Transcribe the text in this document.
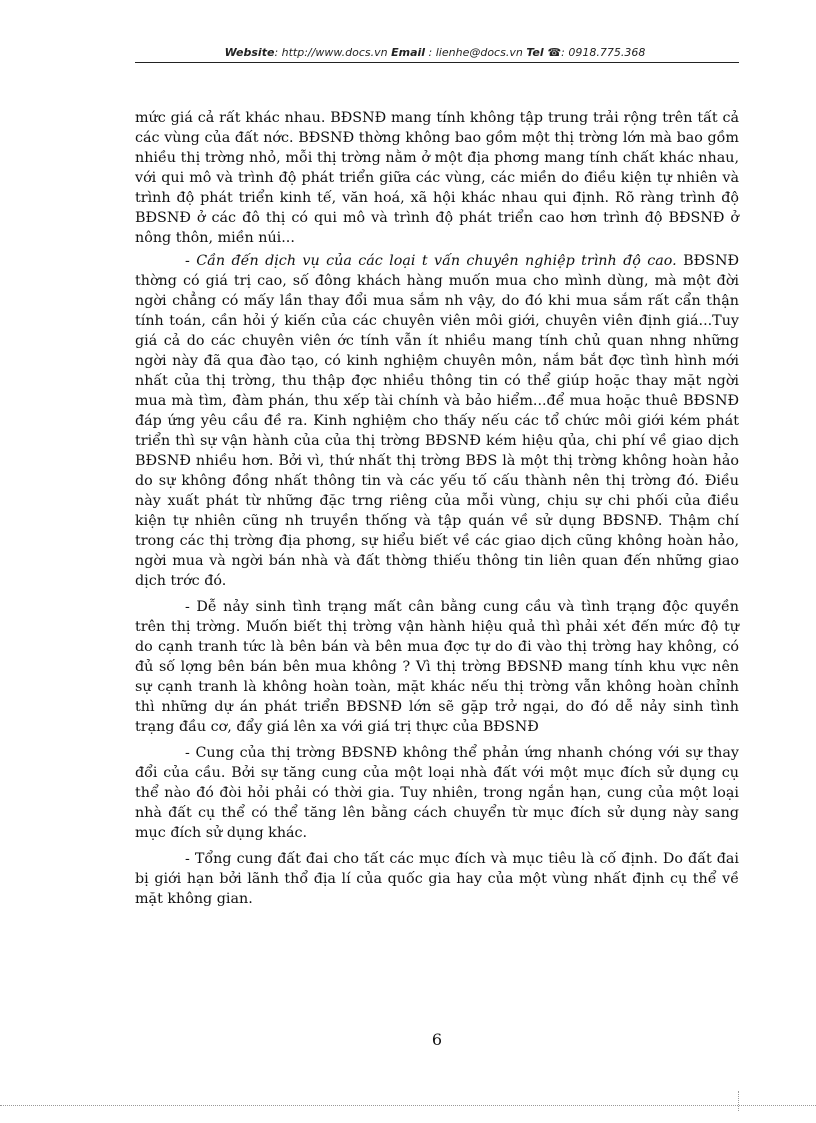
Website: http://www.docs.vn Email : lienhe@docs.vn Tel ☎: 0918.775.368

mức giá cả rất khác nhau. BĐSNĐ mang tính không tập trung trải rộng trên tất cả các vùng của đất nớc. BĐSNĐ thờng không bao gồm một thị trờng lớn mà bao gồm nhiều thị trờng nhỏ, mỗi thị trờng nằm ở một địa phơng mang tính chất khác nhau, với qui mô và trình độ phát triển giữa các vùng, các miền do điều kiện tự nhiên và trình độ phát triển kinh tế, văn hoá, xã hội khác nhau qui định. Rõ ràng trình độ BĐSNĐ ở các đô thị có qui mô và trình độ phát triển cao hơn trình độ BĐSNĐ ở nông thôn, miền núi...

- Cần đến dịch vụ của các loại t vấn chuyên nghiệp trình độ cao. BĐSNĐ thờng có giá trị cao, số đông khách hàng muốn mua cho mình dùng, mà một đời ngời chẳng có mấy lần thay đổi mua sắm nh vậy, do đó khi mua sắm rất cẩn thận tính toán, cần hỏi ý kiến của các chuyên viên môi giới, chuyên viên định giá...Tuy giá cả do các chuyên viên ớc tính vẫn ít nhiều mang tính chủ quan nhng những ngời này đã qua đào tạo, có kinh nghiệm chuyên môn, nắm bắt đợc tình hình mới nhất của thị trờng, thu thập đợc nhiều thông tin có thể giúp hoặc thay mặt ngời mua mà tìm, đàm phán, thu xếp tài chính và bảo hiểm...để mua hoặc thuê BĐSNĐ đáp ứng yêu cầu đề ra. Kinh nghiệm cho thấy nếu các tổ chức môi giới kém phát triển thì sự vận hành của của thị trờng BĐSNĐ kém hiệu qủa, chi phí về giao dịch BĐSNĐ nhiều hơn. Bởi vì, thứ nhất thị trờng BĐS là một thị trờng không hoàn hảo do sự không đồng nhất thông tin và các yếu tố cấu thành nên thị trờng đó. Điều này xuất phát từ những đặc trng riêng của mỗi vùng, chịu sự chi phối của điều kiện tự nhiên cũng nh truyền thống và tập quán về sử dụng BĐSNĐ. Thậm chí trong các thị trờng địa phơng, sự hiểu biết về các giao dịch cũng không hoàn hảo, ngời mua và ngời bán nhà và đất thờng thiếu thông tin liên quan đến những giao dịch trớc đó.

- Dễ nảy sinh tình trạng mất cân bằng cung cầu và tình trạng độc quyền trên thị trờng. Muốn biết thị trờng vận hành hiệu quả thì phải xét đến mức độ tự do cạnh tranh tức là bên bán và bên mua đợc tự do đi vào thị trờng hay không, có đủ số lợng bên bán bên mua không ? Vì thị trờng BĐSNĐ mang tính khu vực nên sự cạnh tranh là không hoàn toàn, mặt khác nếu thị trờng vẫn không hoàn chỉnh thì những dự án phát triển BĐSNĐ lớn sẽ gặp trở ngại, do đó dễ nảy sinh tình trạng đầu cơ, đẩy giá lên xa với giá trị thực của BĐSNĐ

- Cung của thị trờng BĐSNĐ không thể phản ứng nhanh chóng với sự thay đổi của cầu. Bởi sự tăng cung của một loại nhà đất với một mục đích sử dụng cụ thể nào đó đòi hỏi phải có thời gia. Tuy nhiên, trong ngắn hạn, cung của một loại nhà đất cụ thể có thể tăng lên bằng cách chuyển từ mục đích sử dụng này sang mục đích sử dụng khác.

- Tổng cung đất đai cho tất các mục đích và mục tiêu là cố định. Do đất đai bị giới hạn bởi lãnh thổ địa lí của quốc gia hay của một vùng nhất định cụ thể về mặt không gian.

6
